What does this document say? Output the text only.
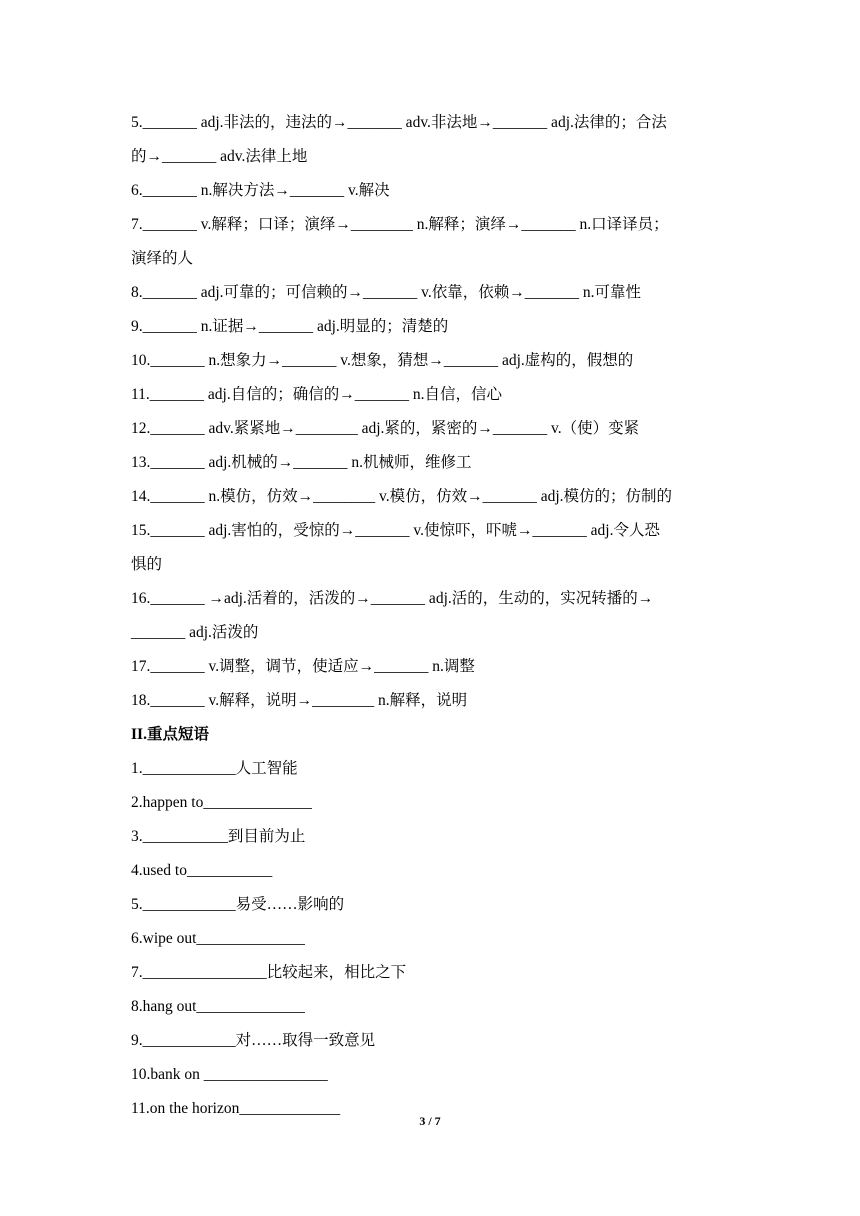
5._______ adj.非法的，违法的→_______ adv.非法地→_______ adj.法律的；合法
的→_______ adv.法律上地
6._______ n.解决方法→_______ v.解决
7._______ v.解释；口译；演绎→________ n.解释；演绎→_______ n.口译译员；
演绎的人
8._______ adj.可靠的；可信赖的→_______ v.依靠，依赖→_______ n.可靠性
9._______ n.证据→_______ adj.明显的；清楚的
10._______ n.想象力→_______ v.想象，猜想→_______ adj.虚构的，假想的
11._______ adj.自信的；确信的→_______ n.自信，信心
12._______ adv.紧紧地→________ adj.紧的，紧密的→_______ v.（使）变紧
13._______ adj.机械的→_______ n.机械师，维修工
14._______ n.模仿，仿效→________ v.模仿，仿效→_______ adj.模仿的；仿制的
15._______ adj.害怕的，受惊的→_______ v.使惊吓，吓唬→_______ adj.令人恐
惧的
16._______ →adj.活着的，活泼的→_______ adj.活的，生动的，实况转播的→
_______ adj.活泼的
17._______ v.调整，调节，使适应→_______ n.调整
18._______ v.解释，说明→________ n.解释，说明
II.重点短语
1.____________人工智能
2.happen to______________
3.___________到目前为止
4.used to___________
5.____________易受……影响的
6.wipe out______________
7.________________比较起来，相比之下
8.hang out______________
9.____________对……取得一致意见
10.bank on ________________
11.on the horizon_____________
3 / 7
